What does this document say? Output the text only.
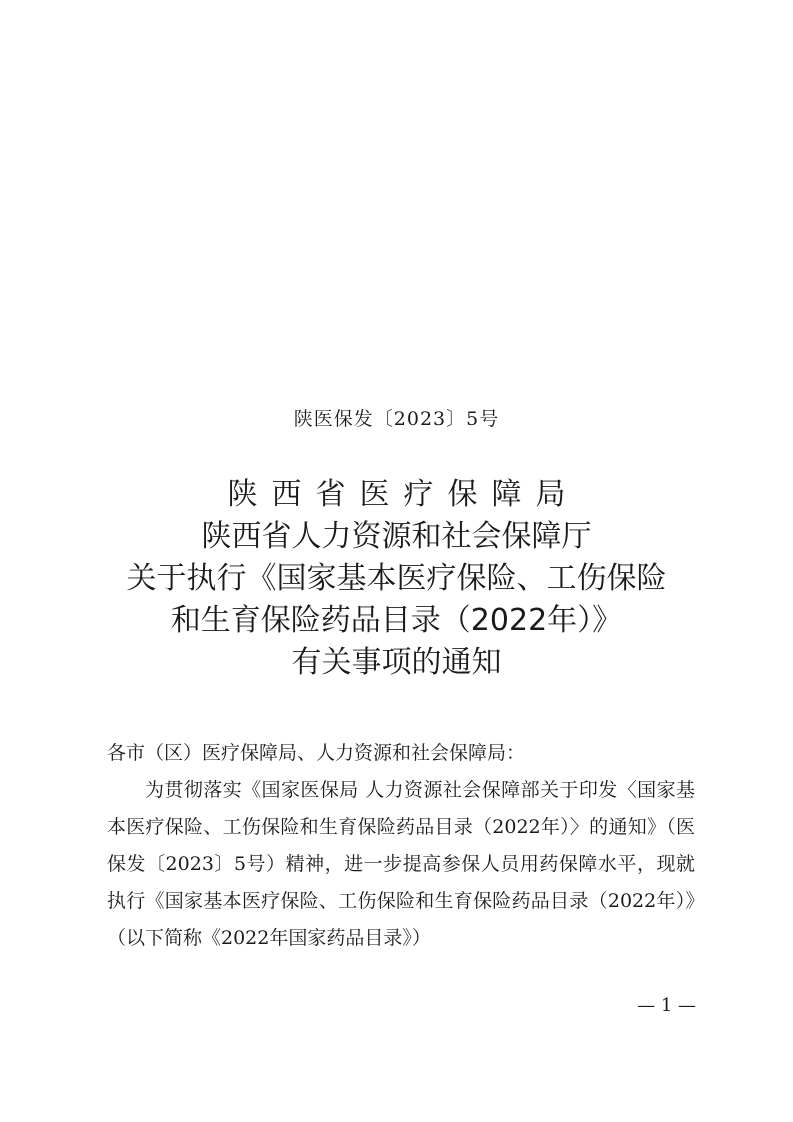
陕医保发〔2023〕5号
陕西省医疗保障局
陕西省人力资源和社会保障厅
关于执行《国家基本医疗保险、工伤保险
和生育保险药品目录（2022年）》
有关事项的通知

各市（区）医疗保障局、人力资源和社会保障局：

为贯彻落实《国家医保局 人力资源社会保障部关于印发〈国家基本医疗保险、工伤保险和生育保险药品目录（2022年）〉的通知》（医保发〔2023〕5号）精神，进一步提高参保人员用药保障水平，现就执行《国家基本医疗保险、工伤保险和生育保险药品目录（2022年）》（以下简称《2022年国家药品目录》）

— 1 —
